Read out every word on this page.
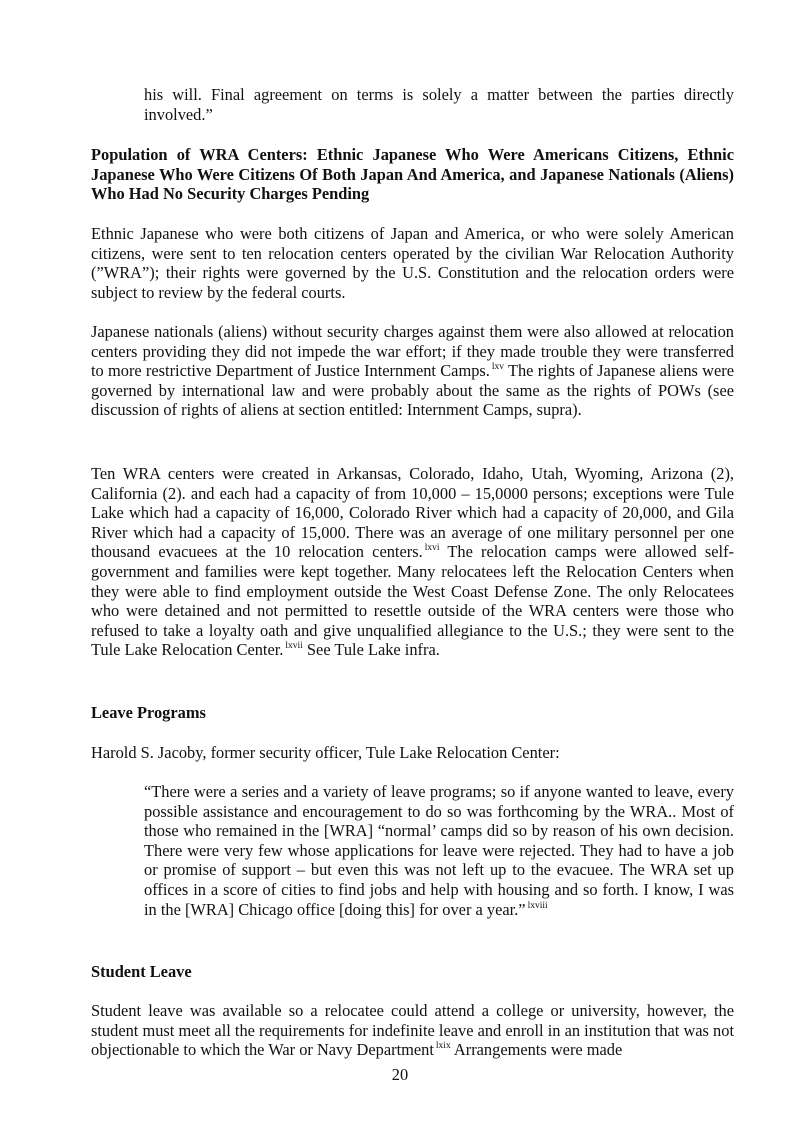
his will. Final agreement on terms is solely a matter between the parties directly involved.”

Population of WRA Centers: Ethnic Japanese Who Were Americans Citizens, Ethnic Japanese Who Were Citizens Of Both Japan And America, and Japanese Nationals (Aliens) Who Had No Security Charges Pending

Ethnic Japanese who were both citizens of Japan and America, or who were solely American citizens, were sent to ten relocation centers operated by the civilian War Relocation Authority (”WRA”); their rights were governed by the U.S. Constitution and the relocation orders were subject to review by the federal courts.

Japanese nationals (aliens) without security charges against them were also allowed at relocation centers providing they did not impede the war effort; if they made trouble they were transferred to more restrictive Department of Justice Internment Camps. $^{lxv}$ The rights of Japanese aliens were governed by international law and were probably about the same as the rights of POWs (see discussion of rights of aliens at section entitled: Internment Camps, supra).

Ten WRA centers were created in Arkansas, Colorado, Idaho, Utah, Wyoming, Arizona (2), California (2). and each had a capacity of from 10,000 – 15,0000 persons; exceptions were Tule Lake which had a capacity of 16,000, Colorado River which had a capacity of 20,000, and Gila River which had a capacity of 15,000. There was an average of one military personnel per one thousand evacuees at the 10 relocation centers. $^{lxvi}$ The relocation camps were allowed self-government and families were kept together. Many relocatees left the Relocation Centers when they were able to find employment outside the West Coast Defense Zone. The only Relocatees who were detained and not permitted to resettle outside of the WRA centers were those who refused to take a loyalty oath and give unqualified allegiance to the U.S.; they were sent to the Tule Lake Relocation Center. $^{lxvii}$ See Tule Lake infra.

Leave Programs

Harold S. Jacoby, former security officer, Tule Lake Relocation Center:

“There were a series and a variety of leave programs; so if anyone wanted to leave, every possible assistance and encouragement to do so was forthcoming by the WRA.. Most of those who remained in the [WRA] “normal’ camps did so by reason of his own decision. There were very few whose applications for leave were rejected. They had to have a job or promise of support – but even this was not left up to the evacuee. The WRA set up offices in a score of cities to find jobs and help with housing and so forth. I know, I was in the [WRA] Chicago office [doing this] for over a year.” $^{lxviii}$

Student Leave

Student leave was available so a relocatee could attend a college or university, however, the student must meet all the requirements for indefinite leave and enroll in an institution that was not objectionable to which the War or Navy Department $^{lxix}$ Arrangements were made

20
